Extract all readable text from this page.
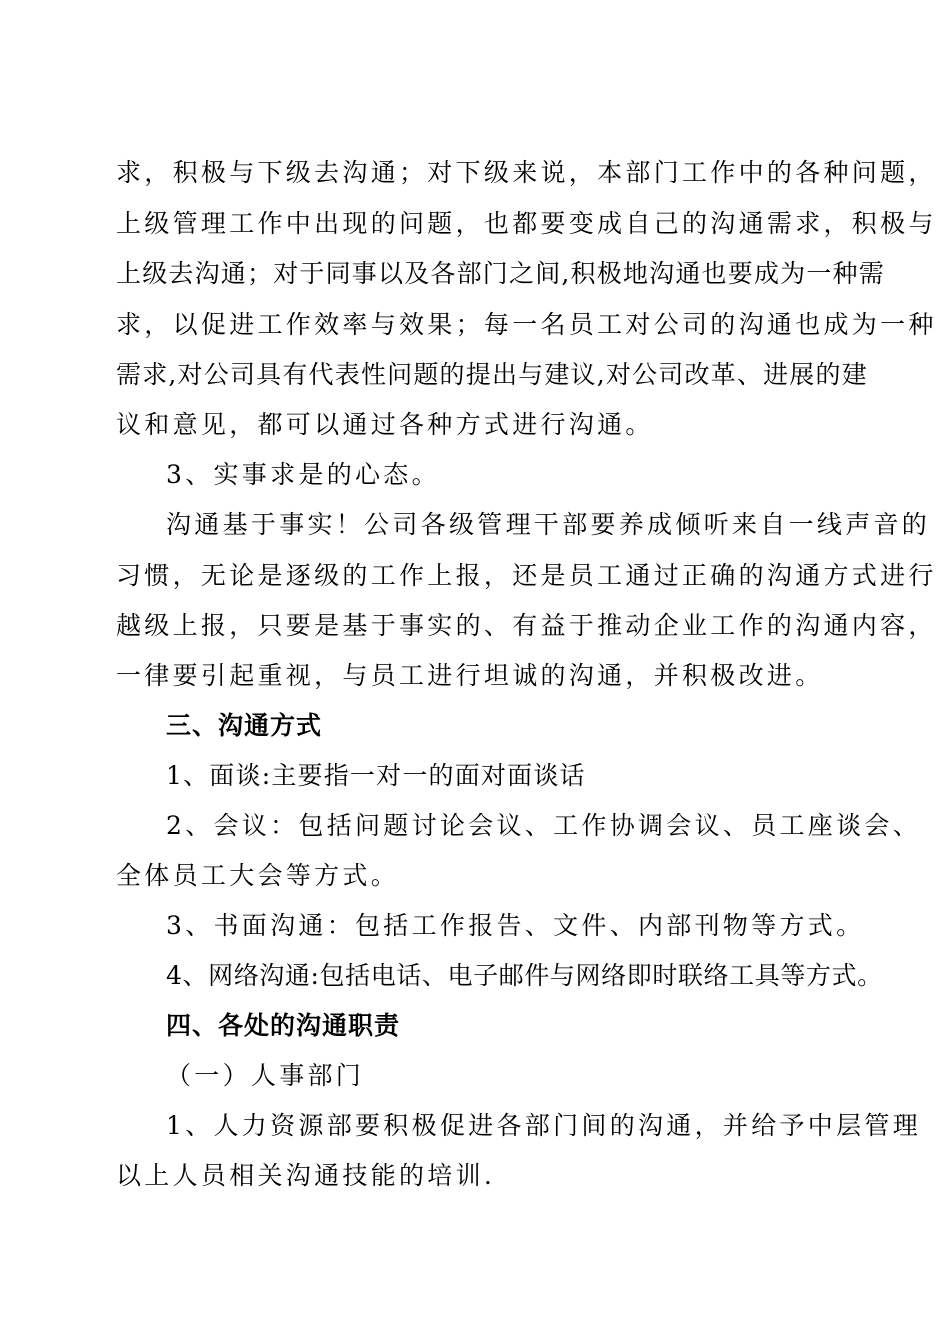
求，积极与下级去沟通；对下级来说，本部门工作中的各种问题，
上级管理工作中出现的问题，也都要变成自己的沟通需求，积极与
上级去沟通；对于同事以及各部门之间,积极地沟通也要成为一种需
求，以促进工作效率与效果；每一名员工对公司的沟通也成为一种
需求,对公司具有代表性问题的提出与建议,对公司改革、进展的建
议和意见，都可以通过各种方式进行沟通。
3、实事求是的心态。
沟通基于事实！公司各级管理干部要养成倾听来自一线声音的
习惯，无论是逐级的工作上报，还是员工通过正确的沟通方式进行
越级上报，只要是基于事实的、有益于推动企业工作的沟通内容，
一律要引起重视，与员工进行坦诚的沟通，并积极改进。
三、沟通方式
1、面谈:主要指一对一的面对面谈话
2、会议：包括问题讨论会议、工作协调会议、员工座谈会、
全体员工大会等方式。
3、书面沟通：包括工作报告、文件、内部刊物等方式。
4、网络沟通:包括电话、电子邮件与网络即时联络工具等方式。
四、各处的沟通职责
（一）人事部门
1、人力资源部要积极促进各部门间的沟通，并给予中层管理
以上人员相关沟通技能的培训.
